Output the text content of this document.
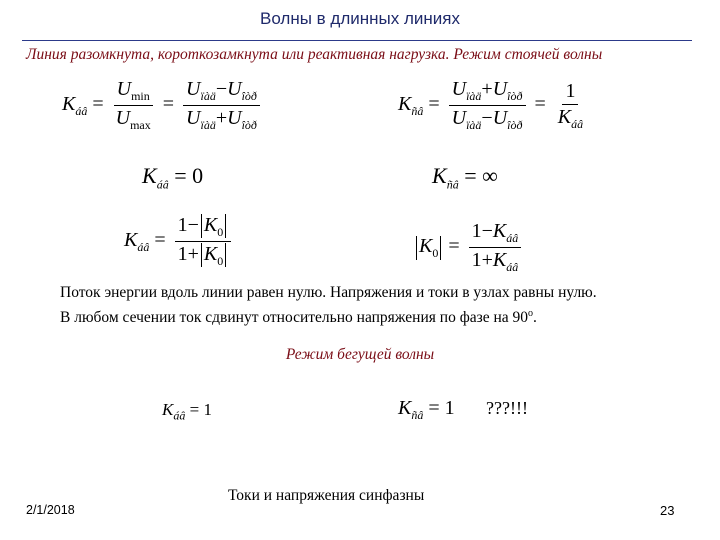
Волны в длинных линиях
Линия разомкнута, короткозамкнута или реактивная нагрузка. Режим стоячей волны
$K_{áâ} = \frac{U_{min}}{U_{max}} = \frac{U_{ïàä}-U_{îòð}}{U_{ïàä}+U_{îòð}}$	$K_{ñâ} = \frac{U_{ïàä}+U_{îòð}}{U_{ïàä}-U_{îòð}} = \frac{1}{K_{áâ}}$
$K_{áâ} = 0$	$K_{ñâ}$ = ∞
$K_{áâ} = \frac{1- K_0}{1+ K_0}$	$K_0 = \frac{1-K_{áâ}}{1+K_{áâ}}$
Поток энергии вдоль линии равен нулю. Напряжения и токи в узлах равны нулю.
В любом сечении ток сдвинут относительно напряжения по фазе на 90$^o$.
Режим бегущей волны
$K_{áâ} = 1$	$K_{ñâ} = 1$ ???!!!
Токи и напряжения синфазны
2/1/2018	23
